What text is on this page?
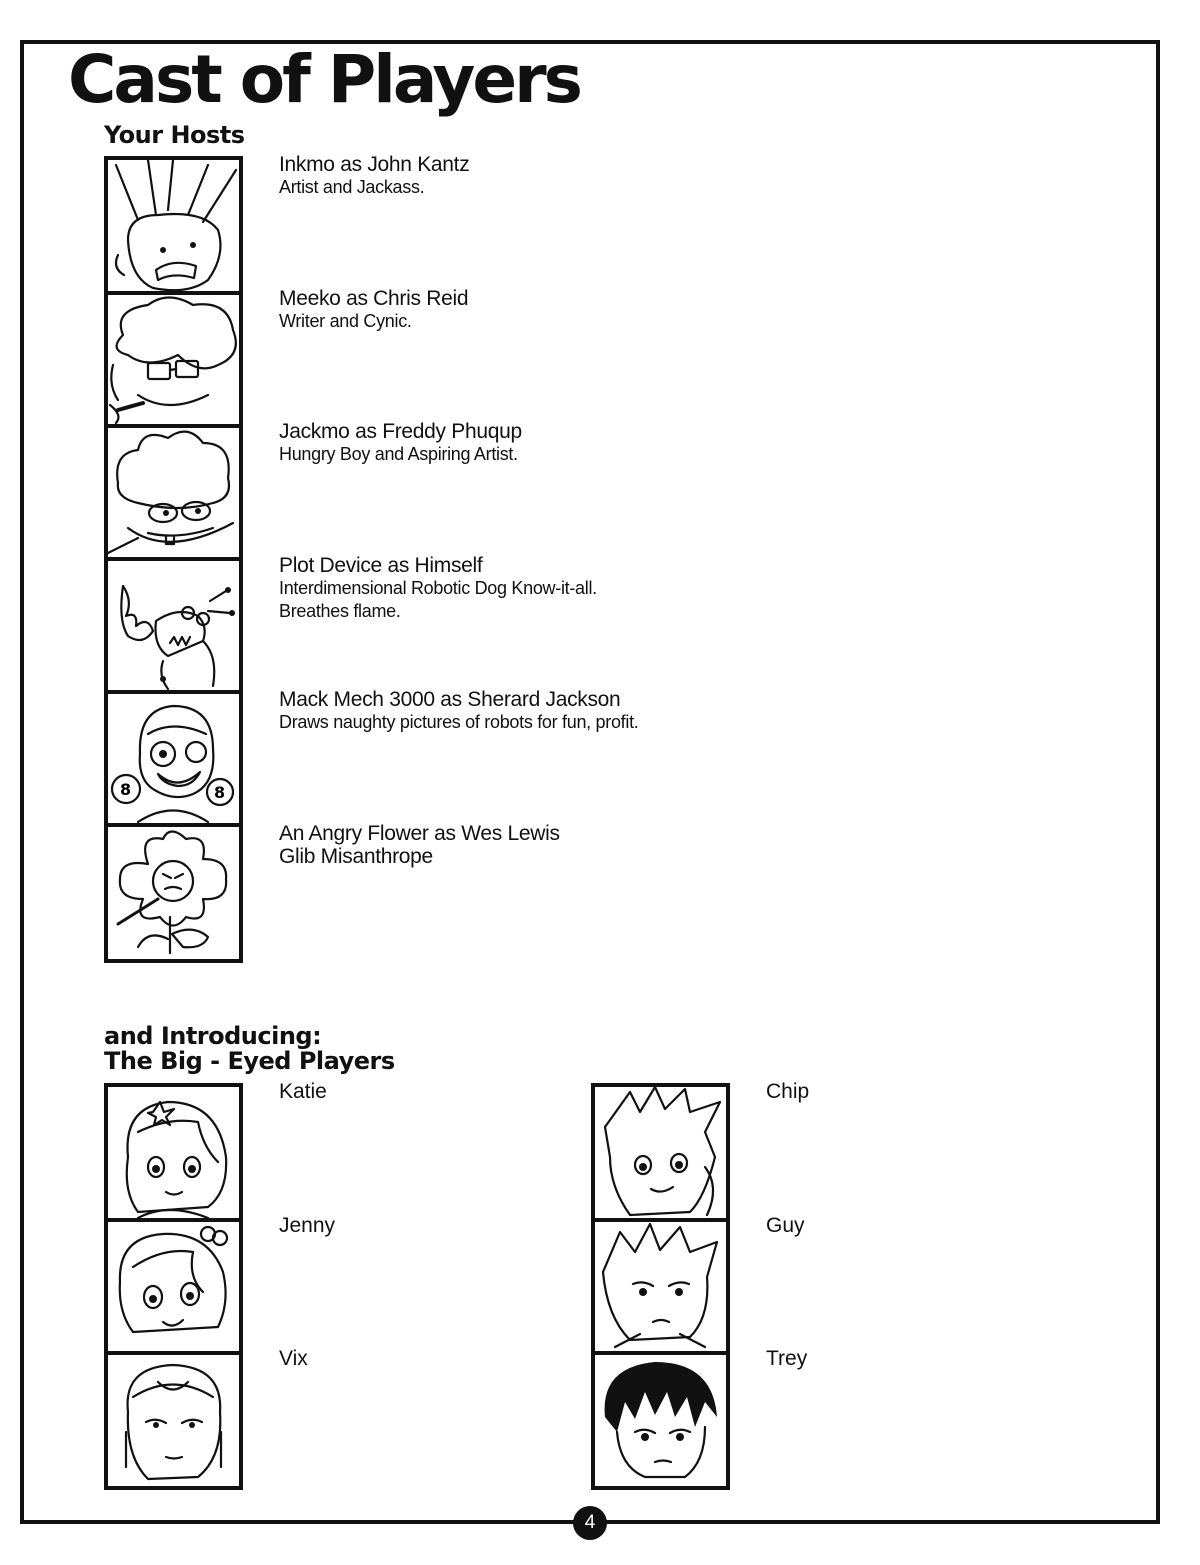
Cast of Players
Your Hosts
8	8
Inkmo as John Kantz
Artist and Jackass.
Meeko as Chris Reid
Writer and Cynic.
Jackmo as Freddy Phuqup
Hungry Boy and Aspiring Artist.
Plot Device as Himself
Interdimensional Robotic Dog Know-it-all.
Breathes flame.
Mack Mech 3000 as Sherard Jackson
Draws naughty pictures of robots for fun, profit.
An Angry Flower as Wes Lewis
Glib Misanthrope
and Introducing:
The Big - Eyed Players
Katie
Jenny
Vix
Chip
Guy
Trey
4
